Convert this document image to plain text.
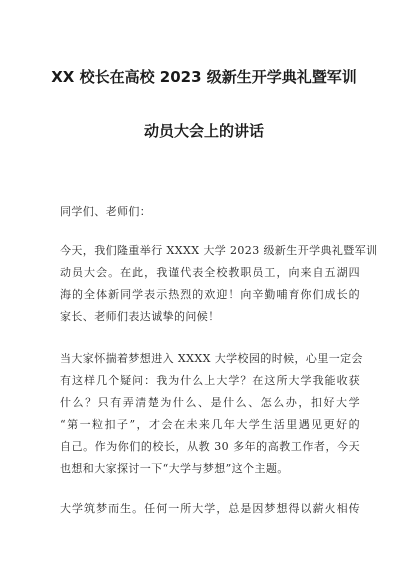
XX 校长在高校 2023 级新生开学典礼暨军训
动员大会上的讲话
同学们、老师们：
今天，我们隆重举行 XXXX 大学 2023 级新生开学典礼暨军训
动员大会。在此，我谨代表全校教职员工，向来自五湖四
海的全体新同学表示热烈的欢迎！向辛勤哺育你们成长的
家长、老师们表达诚挚的问候！
当大家怀揣着梦想进入 XXXX 大学校园的时候，心里一定会
有这样几个疑问：我为什么上大学？在这所大学我能收获
什么？只有弄清楚为什么、是什么、怎么办，扣好大学
“第一粒扣子”，才会在未来几年大学生活里遇见更好的
自己。作为你们的校长，从教 30 多年的高教工作者，今天
也想和大家探讨一下“大学与梦想”这个主题。
大学筑梦而生。任何一所大学，总是因梦想得以薪火相传
